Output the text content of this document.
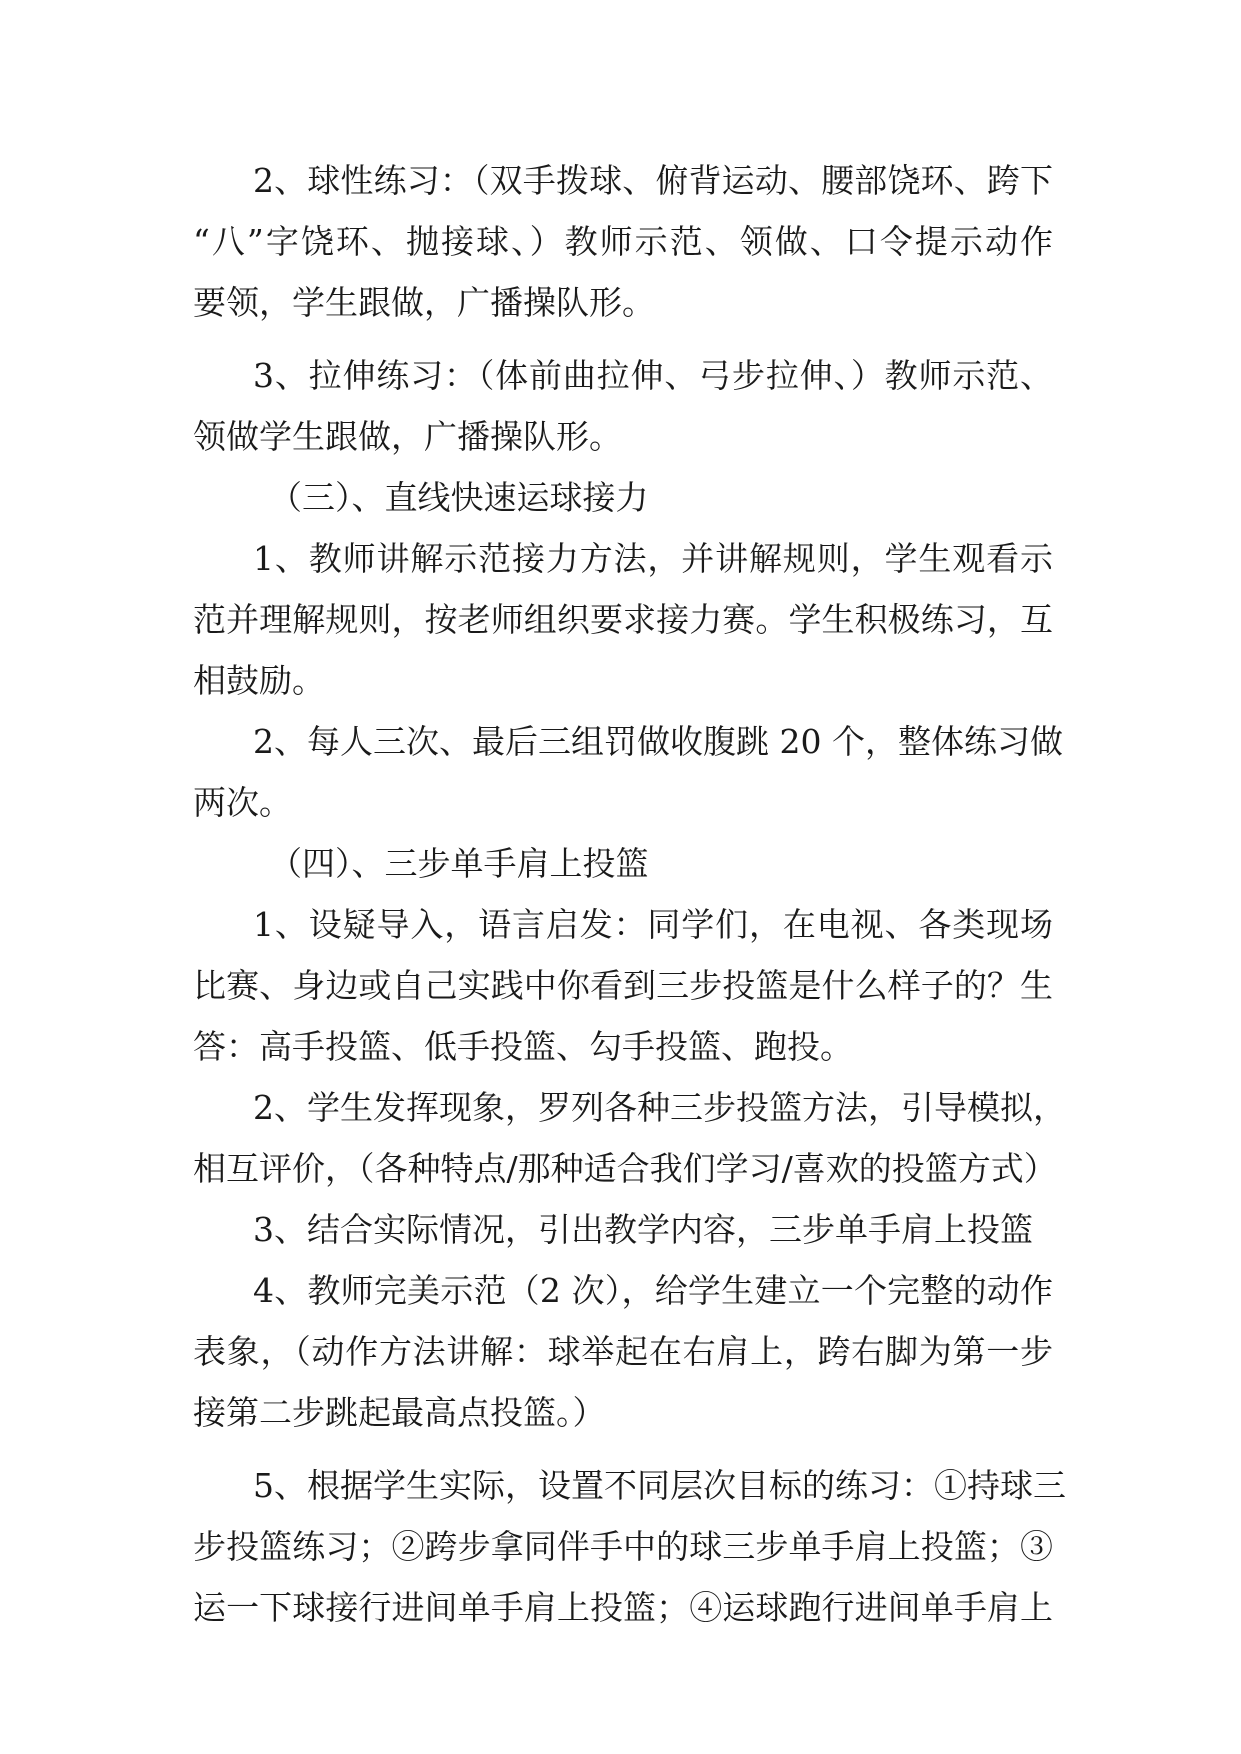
2、球性练习：（双手拨球、俯背运动、腰部饶环、跨下
“八”字饶环、抛接球、）教师示范、领做、口令提示动作
要领，学生跟做，广播操队形。
3、拉伸练习：（体前曲拉伸、弓步拉伸、）教师示范、
领做学生跟做，广播操队形。
（三）、直线快速运球接力
1、教师讲解示范接力方法，并讲解规则，学生观看示
范并理解规则，按老师组织要求接力赛。学生积极练习，互
相鼓励。
2、每人三次、最后三组罚做收腹跳 20 个，整体练习做
两次。
（四）、三步单手肩上投篮
1、设疑导入，语言启发：同学们，在电视、各类现场
比赛、身边或自己实践中你看到三步投篮是什么样子的？生
答：高手投篮、低手投篮、勾手投篮、跑投。
2、学生发挥现象，罗列各种三步投篮方法，引导模拟，
相互评价，（各种特点/那种适合我们学习/喜欢的投篮方式）
3、结合实际情况，引出教学内容，三步单手肩上投篮
4、教师完美示范（2 次），给学生建立一个完整的动作
表象，（动作方法讲解：球举起在右肩上，跨右脚为第一步
接第二步跳起最高点投篮。）
5、根据学生实际，设置不同层次目标的练习：①持球三
步投篮练习；②跨步拿同伴手中的球三步单手肩上投篮；③
运一下球接行进间单手肩上投篮；④运球跑行进间单手肩上
